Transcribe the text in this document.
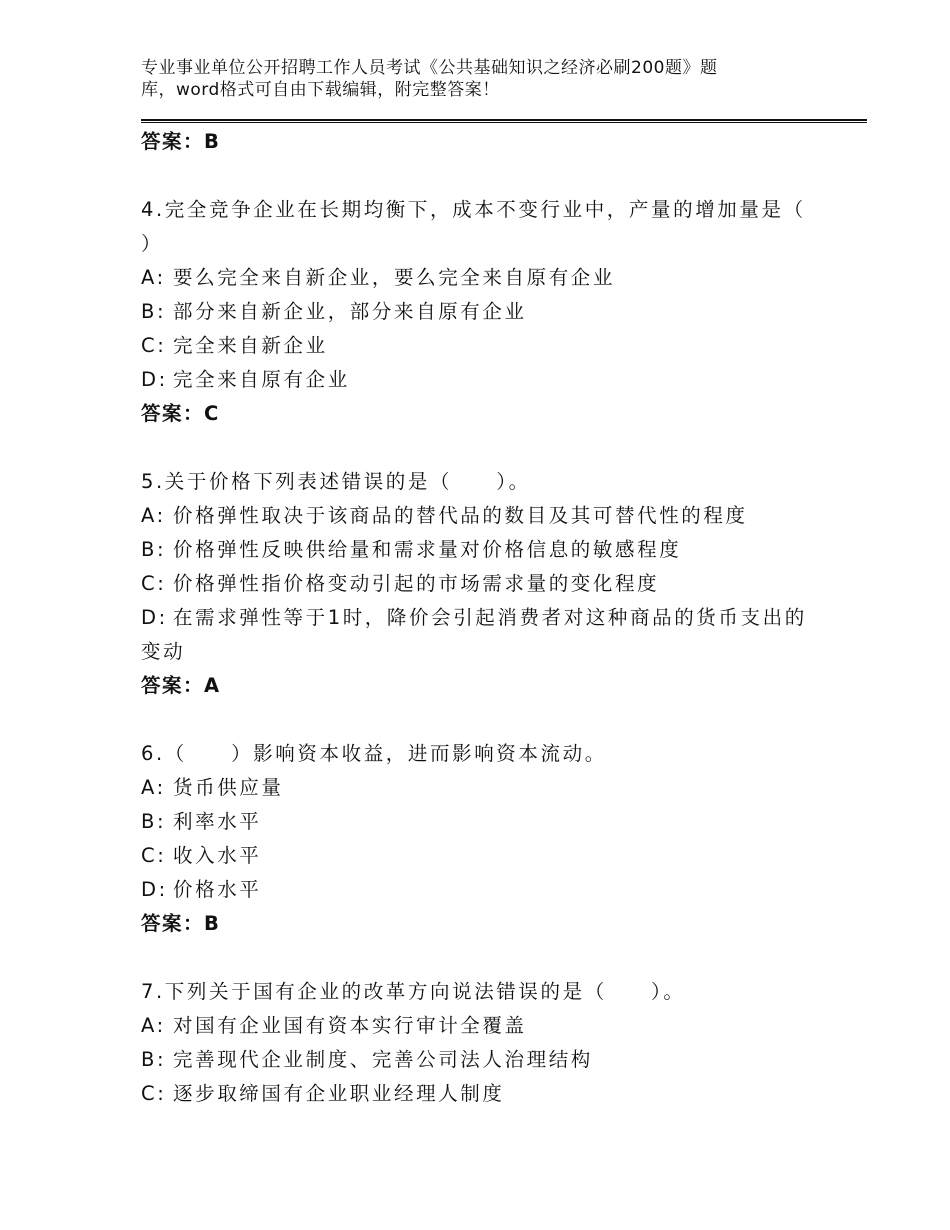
专业事业单位公开招聘工作人员考试《公共基础知识之经济必刷200题》题
库，word格式可自由下载编辑，附完整答案！
答案：B
4.完全竞争企业在长期均衡下，成本不变行业中，产量的增加量是（
）
A: 要么完全来自新企业，要么完全来自原有企业
B: 部分来自新企业，部分来自原有企业
C: 完全来自新企业
D: 完全来自原有企业
答案：C
5.关于价格下列表述错误的是（　　）。
A: 价格弹性取决于该商品的替代品的数目及其可替代性的程度
B: 价格弹性反映供给量和需求量对价格信息的敏感程度
C: 价格弹性指价格变动引起的市场需求量的变化程度
D: 在需求弹性等于1时，降价会引起消费者对这种商品的货币支出的
变动
答案：A
6.（　　）影响资本收益，进而影响资本流动。
A: 货币供应量
B: 利率水平
C: 收入水平
D: 价格水平
答案：B
7.下列关于国有企业的改革方向说法错误的是（　　）。
A: 对国有企业国有资本实行审计全覆盖
B: 完善现代企业制度、完善公司法人治理结构
C: 逐步取缔国有企业职业经理人制度
